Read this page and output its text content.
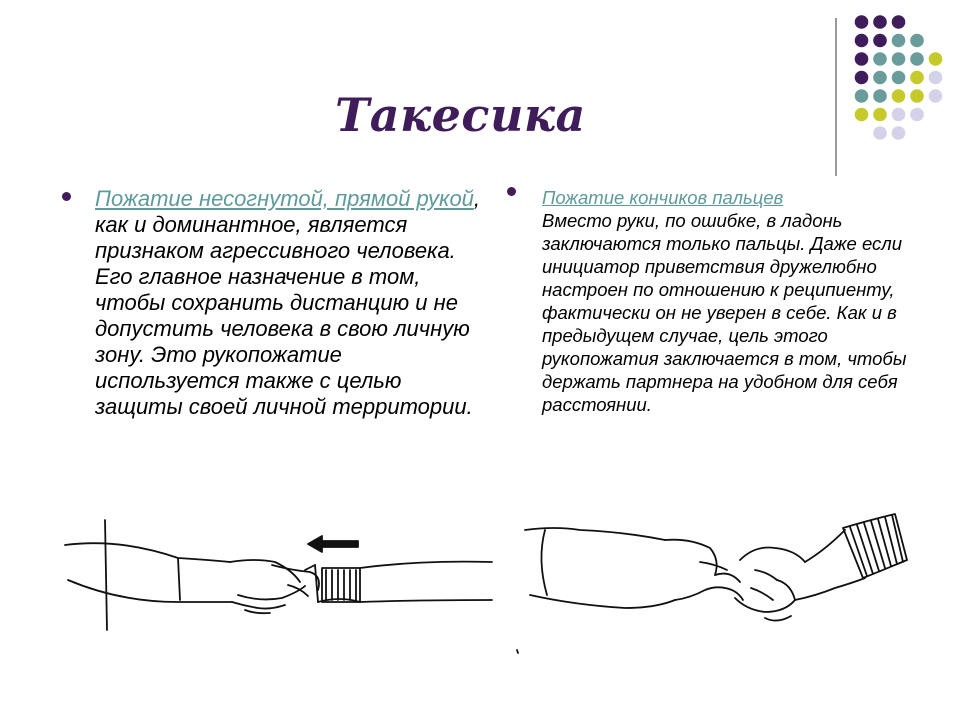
Такесика
Пожатие несогнутой, прямой рукой, как и доминантное, является признаком агрессивного человека. Его главное назначение в том, чтобы сохранить дистанцию и не допустить человека в свою личную зону. Это рукопожатие используется также с целью защиты своей личной территории.
Пожатие кончиков пальцев
Вместо руки, по ошибке, в ладонь заключаются только пальцы. Даже если инициатор приветствия дружелюбно настроен по отношению к реципиенту, фактически он не уверен в себе. Как и в предыдущем случае, цель этого рукопожатия заключается в том, чтобы держать партнера на удобном для себя расстоянии.
